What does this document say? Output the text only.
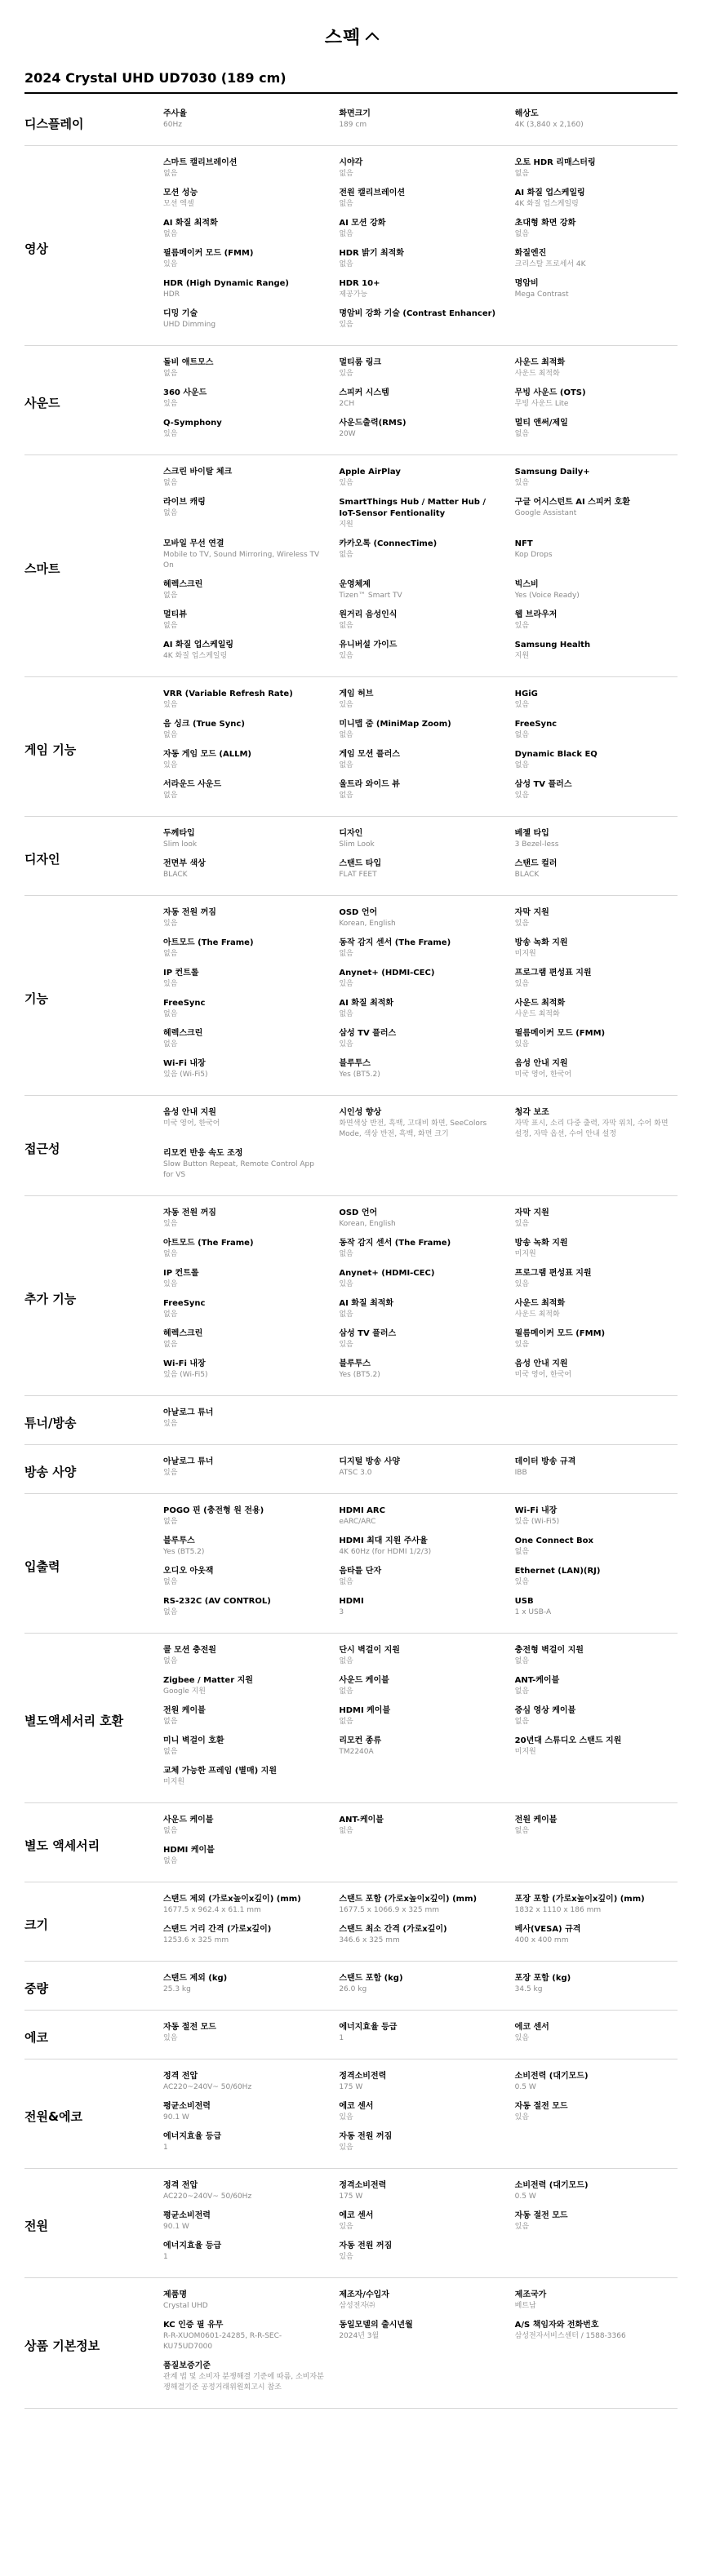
스펙
2024 Crystal UHD UD7030 (189 cm)
디스플레이
주사율
60Hz
화면크기
189 cm
해상도
4K (3,840 x 2,160)
영상
스마트 캘리브레이션
없음
시야각
없음
오토 HDR 리매스터링
없음
모션 성능
모션 엑셀
전원 캘리브레이션
없음
AI 화질 업스케일링
4K 화질 업스케일링
AI 화질 최적화
없음
AI 모션 강화
없음
초대형 화면 강화
없음
필름메이커 모드 (FMM)
있음
HDR 밝기 최적화
없음
화질엔진
크리스탈 프로세서 4K
HDR (High Dynamic Range)
HDR
HDR 10+
제공가능
명암비
Mega Contrast
디밍 기술
UHD Dimming
명암비 강화 기술 (Contrast Enhancer)
있음
사운드
돌비 애트모스
없음
멀티룸 링크
있음
사운드 최적화
사운드 최적화
360 사운드
있음
스피커 시스템
2CH
무빙 사운드 (OTS)
무빙 사운드 Lite
Q-Symphony
있음
사운드출력(RMS)
20W
멀티 앤써/제일
없음
스마트
스크린 바이탈 체크
없음
Apple AirPlay
있음
Samsung Daily+
있음
라이브 캐링
없음
SmartThings Hub / Matter Hub / IoT-Sensor Fentionality
지원
구글 어시스턴트 AI 스피커 호환
Google Assistant
모바일 무선 연결
Mobile to TV, Sound Mirroring, Wireless TV On
카카오톡 (ConnecTime)
없음
NFT
Kop Drops
헤렉스크린
없음
운영체제
Tizen™ Smart TV
빅스비
Yes (Voice Ready)
멀티뷰
없음
원거리 음성인식
없음
웹 브라우저
있음
AI 화질 업스케일링
4K 화질 업스케일링
유니버설 가이드
있음
Samsung Health
지원
게임 기능
VRR (Variable Refresh Rate)
있음
게임 허브
있음
HGiG
있음
음 싱크 (True Sync)
없음
미니맵 줌 (MiniMap Zoom)
없음
FreeSync
없음
자동 게임 모드 (ALLM)
있음
게임 모션 플러스
없음
Dynamic Black EQ
없음
서라운드 사운드
없음
울트라 와이드 뷰
없음
삼성 TV 플러스
있음
디자인
두께타입
Slim look
디자인
Slim Look
베젤 타입
3 Bezel-less
전면부 색상
BLACK
스탠드 타입
FLAT FEET
스탠드 컬러
BLACK
기능
자동 전원 꺼짐
있음
OSD 언어
Korean, English
자막 지원
있음
아트모드 (The Frame)
없음
동작 감지 센서 (The Frame)
없음
방송 녹화 지원
미지원
IP 컨트롤
있음
Anynet+ (HDMI-CEC)
있음
프로그램 편성표 지원
있음
FreeSync
없음
AI 화질 최적화
없음
사운드 최적화
사운드 최적화
헤렉스크린
없음
삼성 TV 플러스
있음
필름메이커 모드 (FMM)
있음
Wi-Fi 내장
있음 (Wi-Fi5)
블루투스
Yes (BT5.2)
음성 안내 지원
미국 영어, 한국어
접근성
음성 안내 지원
미국 영어, 한국어
시인성 향상
화면색상 반전, 흑백, 고대비 화면, SeeColors Mode, 색상 반전, 흑백, 화면 크기
청각 보조
자막 표시, 소리 다중 출력, 자막 위치, 수어 화면 설정, 자막 옵션, 수어 안내 설정
리모컨 반응 속도 조정
Slow Button Repeat, Remote Control App for VS
추가 기능
자동 전원 꺼짐
있음
OSD 언어
Korean, English
자막 지원
있음
아트모드 (The Frame)
없음
동작 감지 센서 (The Frame)
없음
방송 녹화 지원
미지원
IP 컨트롤
있음
Anynet+ (HDMI-CEC)
있음
프로그램 편성표 지원
있음
FreeSync
없음
AI 화질 최적화
없음
사운드 최적화
사운드 최적화
헤렉스크린
없음
삼성 TV 플러스
있음
필름메이커 모드 (FMM)
있음
Wi-Fi 내장
있음 (Wi-Fi5)
블루투스
Yes (BT5.2)
음성 안내 지원
미국 영어, 한국어
튜너/방송
아날로그 튜너
있음
방송 사양
아날로그 튜너
있음
디지털 방송 사양
ATSC 3.0
데이터 방송 규격
IBB
입출력
POGO 핀 (충전형 원 전용)
없음
HDMI ARC
eARC/ARC
Wi-Fi 내장
있음 (Wi-Fi5)
블루투스
Yes (BT5.2)
HDMI 최대 지원 주사율
4K 60Hz (for HDMI 1/2/3)
One Connect Box
없음
오디오 아웃잭
없음
음타를 단자
없음
Ethernet (LAN)(RJ)
있음
RS-232C (AV CONTROL)
없음
HDMI
3
USB
1 x USB-A
별도액세서리 호환
콜 모션 충전원
없음
단시 벽걸이 지원
없음
충전형 벽걸이 지원
없음
Zigbee / Matter 지원
Google 지원
사운드 케이블
없음
ANT-케이블
없음
전원 케이블
없음
HDMI 케이블
없음
증심 영상 케이블
없음
미니 벽걸이 호환
없음
리모컨 종류
TM2240A
20년대 스튜디오 스탠드 지원
미지원
교체 가능한 프레임 (별매) 지원
미지원
별도 액세서리
사운드 케이블
없음
ANT-케이블
없음
전원 케이블
없음
HDMI 케이블
없음
크기
스탠드 제외 (가로x높이x깊이) (mm)
1677.5 x 962.4 x 61.1 mm
스탠드 포함 (가로x높이x깊이) (mm)
1677.5 x 1066.9 x 325 mm
포장 포함 (가로x높이x깊이) (mm)
1832 x 1110 x 186 mm
스탠드 거리 간격 (가로x깊이)
1253.6 x 325 mm
스탠드 최소 간격 (가로x깊이)
346.6 x 325 mm
베사(VESA) 규격
400 x 400 mm
중량
스탠드 제외 (kg)
25.3 kg
스탠드 포함 (kg)
26.0 kg
포장 포함 (kg)
34.5 kg
에코
자동 절전 모드
있음
에너지효율 등급
1
에코 센서
있음
전원&에코
정격 전압
AC220~240V~ 50/60Hz
정격소비전력
175 W
소비전력 (대기모드)
0.5 W
평균소비전력
90.1 W
에코 센서
있음
자동 절전 모드
있음
에너지효율 등급
1
자동 전원 꺼짐
있음
전원
정격 전압
AC220~240V~ 50/60Hz
정격소비전력
175 W
소비전력 (대기모드)
0.5 W
평균소비전력
90.1 W
에코 센서
있음
자동 절전 모드
있음
에너지효율 등급
1
자동 전원 꺼짐
있음
상품 기본정보
제품명
Crystal UHD
제조자/수입자
삼성전자㈜
제조국가
베트남
KC 인증 필 유무
R-R-XUOM0601-24285, R-R-SEC-KU75UD7000
동일모델의 출시년월
2024년 3월
A/S 책임자와 전화번호
삼성전자서비스센터 / 1588-3366
품질보증기준
관계 법 및 소비자 분쟁해결 기준에 따름, 소비자분쟁해결기준 공정거래위원회고시 참조
